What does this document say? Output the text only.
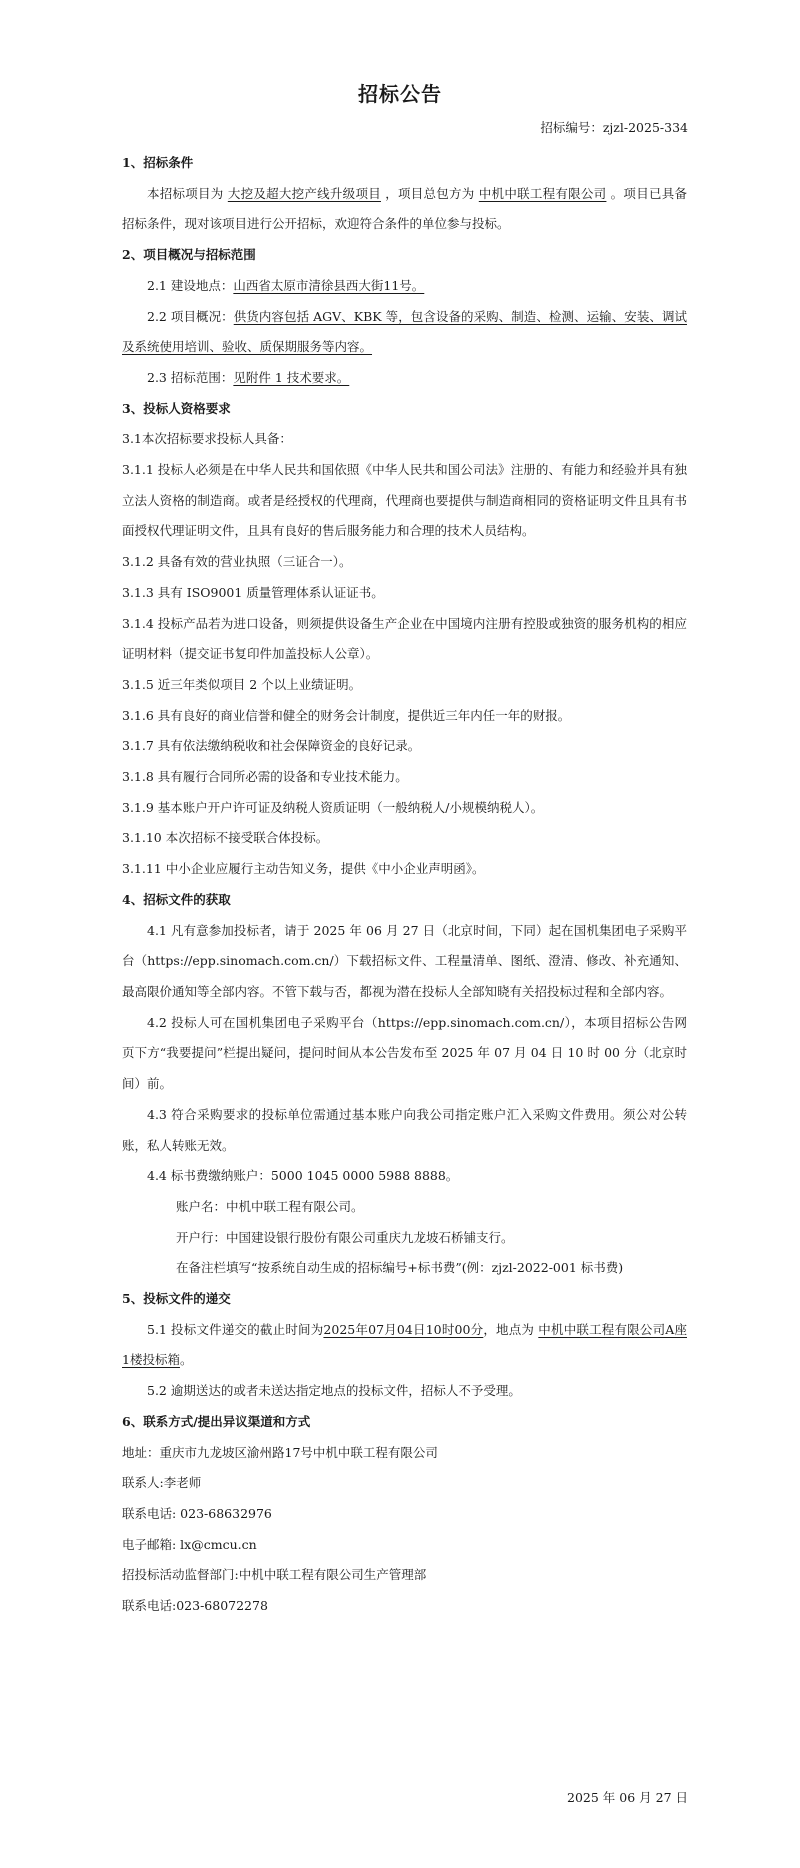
招标公告
招标编号：zjzl-2025-334

1、招标条件

本招标项目为 大挖及超大挖产线升级项目 ，项目总包方为 中机中联工程有限公司 。项目已具备招标条件，现对该项目进行公开招标，欢迎符合条件的单位参与投标。

2、项目概况与招标范围

2.1 建设地点：山西省太原市清徐县西大街11号。

2.2 项目概况：供货内容包括 AGV、KBK 等，包含设备的采购、制造、检测、运输、安装、调试及系统使用培训、验收、质保期服务等内容。

2.3 招标范围：见附件 1 技术要求。

3、投标人资格要求

3.1本次招标要求投标人具备：

3.1.1 投标人必须是在中华人民共和国依照《中华人民共和国公司法》注册的、有能力和经验并具有独立法人资格的制造商。或者是经授权的代理商，代理商也要提供与制造商相同的资格证明文件且具有书面授权代理证明文件，且具有良好的售后服务能力和合理的技术人员结构。

3.1.2 具备有效的营业执照（三证合一）。

3.1.3 具有 ISO9001 质量管理体系认证证书。

3.1.4 投标产品若为进口设备，则须提供设备生产企业在中国境内注册有控股或独资的服务机构的相应证明材料（提交证书复印件加盖投标人公章）。

3.1.5 近三年类似项目 2 个以上业绩证明。

3.1.6 具有良好的商业信誉和健全的财务会计制度，提供近三年内任一年的财报。

3.1.7 具有依法缴纳税收和社会保障资金的良好记录。

3.1.8 具有履行合同所必需的设备和专业技术能力。

3.1.9 基本账户开户许可证及纳税人资质证明（一般纳税人/小规模纳税人）。

3.1.10 本次招标不接受联合体投标。

3.1.11 中小企业应履行主动告知义务，提供《中小企业声明函》。

4、招标文件的获取

4.1 凡有意参加投标者，请于 2025 年 06 月 27 日（北京时间，下同）起在国机集团电子采购平台（https://epp.sinomach.com.cn/）下载招标文件、工程量清单、图纸、澄清、修改、补充通知、最高限价通知等全部内容。不管下载与否，都视为潜在投标人全部知晓有关招投标过程和全部内容。

4.2 投标人可在国机集团电子采购平台（https://epp.sinomach.com.cn/），本项目招标公告网页下方“我要提问”栏提出疑问，提问时间从本公告发布至 2025 年 07 月 04 日 10 时 00 分（北京时间）前。

4.3 符合采购要求的投标单位需通过基本账户向我公司指定账户汇入采购文件费用。须公对公转账，私人转账无效。

4.4 标书费缴纳账户：5000 1045 0000 5988 8888。

账户名：中机中联工程有限公司。

开户行：中国建设银行股份有限公司重庆九龙坡石桥铺支行。

在备注栏填写“按系统自动生成的招标编号+标书费”(例：zjzl-2022-001 标书费)

5、投标文件的递交

5.1 投标文件递交的截止时间为2025年07月04日10时00分，地点为 中机中联工程有限公司A座1楼投标箱。

5.2 逾期送达的或者未送达指定地点的投标文件，招标人不予受理。

6、联系方式/提出异议渠道和方式

地址：重庆市九龙坡区渝州路17号中机中联工程有限公司

联系人:李老师

联系电话: 023-68632976

电子邮箱: lx@cmcu.cn

招投标活动监督部门:中机中联工程有限公司生产管理部

联系电话:023-68072278

2025 年 06 月 27 日
